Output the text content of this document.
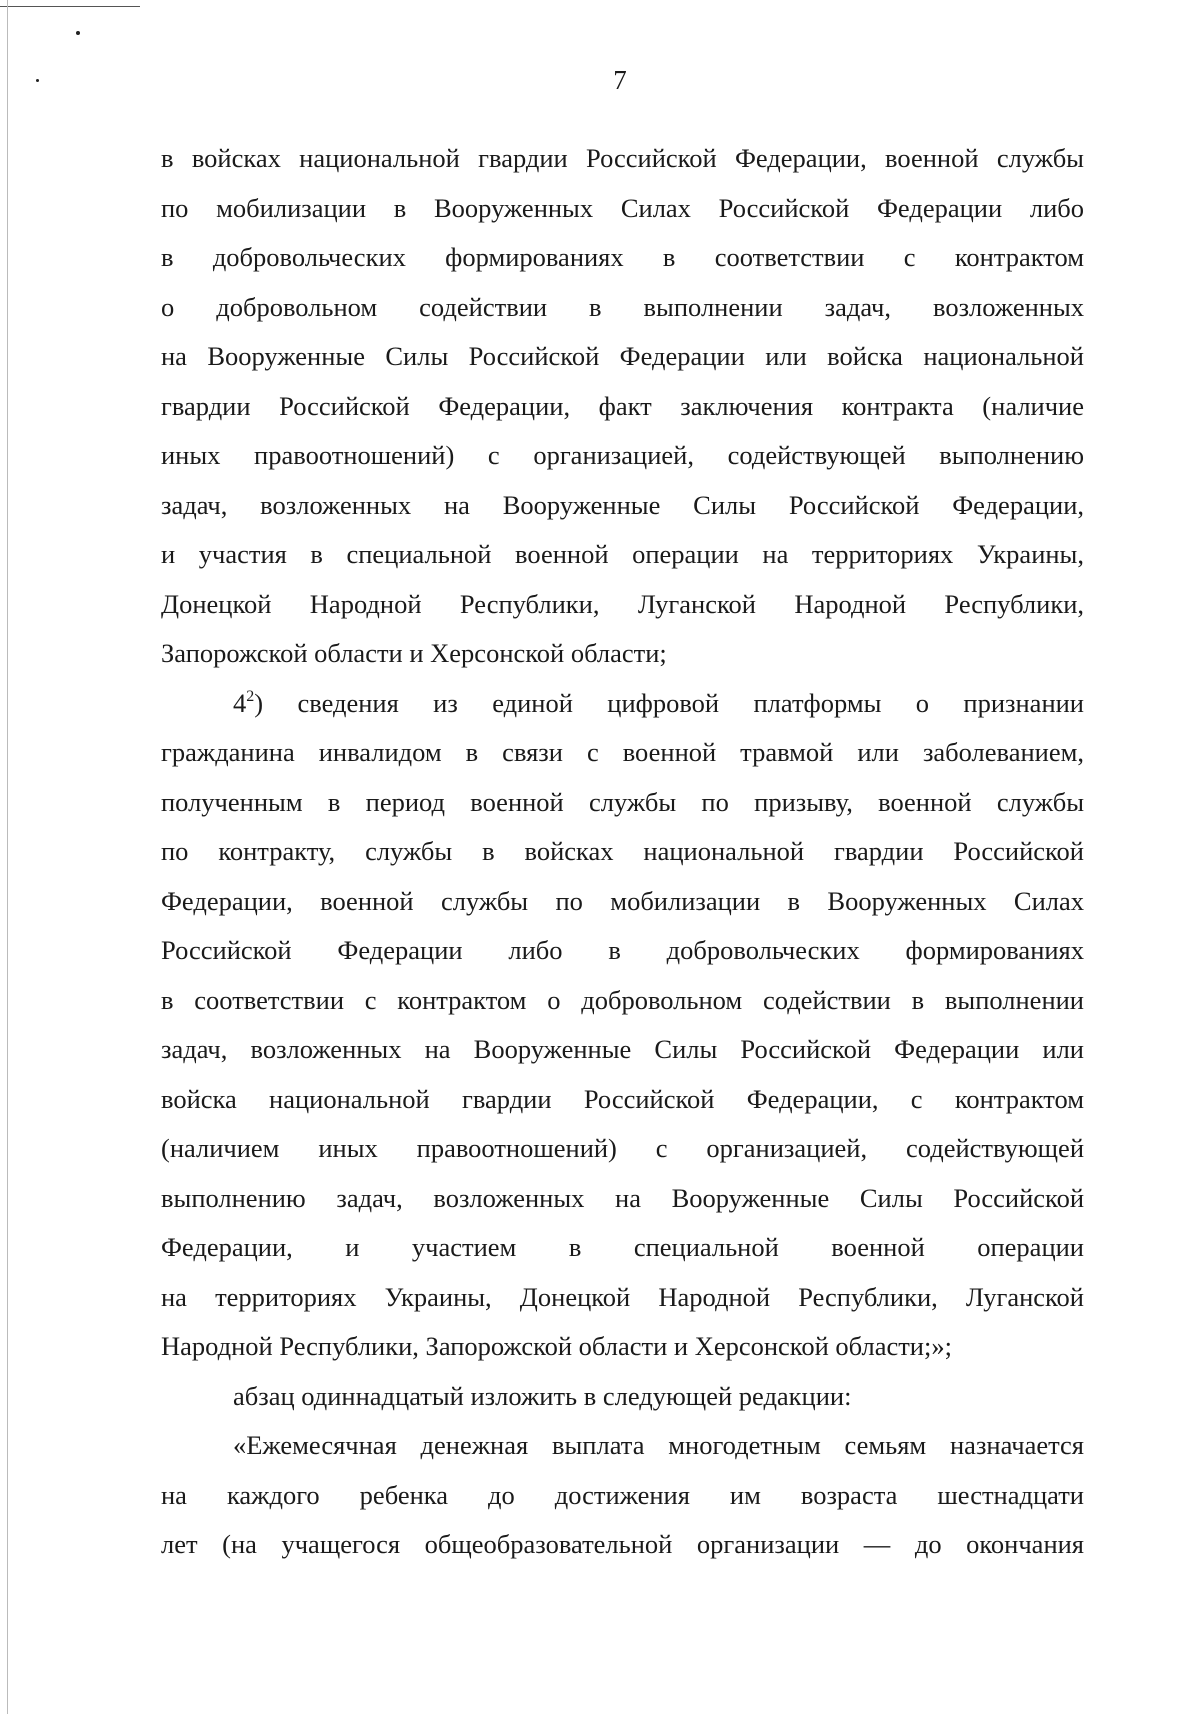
7

в войсках национальной гвардии Российской Федерации, военной службы
по мобилизации в Вооруженных Силах Российской Федерации либо
в добровольческих формированиях в соответствии с контрактом
о добровольном содействии в выполнении задач, возложенных
на Вооруженные Силы Российской Федерации или войска национальной
гвардии Российской Федерации, факт заключения контракта (наличие
иных правоотношений) с организацией, содействующей выполнению
задач, возложенных на Вооруженные Силы Российской Федерации,
и участия в специальной военной операции на территориях Украины,
Донецкой Народной Республики, Луганской Народной Республики,
Запорожской области и Херсонской области;

$4^2$) сведения из единой цифровой платформы о признании
гражданина инвалидом в связи с военной травмой или заболеванием,
полученным в период военной службы по призыву, военной службы
по контракту, службы в войсках национальной гвардии Российской
Федерации, военной службы по мобилизации в Вооруженных Силах
Российской Федерации либо в добровольческих формированиях
в соответствии с контрактом о добровольном содействии в выполнении
задач, возложенных на Вооруженные Силы Российской Федерации или
войска национальной гвардии Российской Федерации, с контрактом
(наличием иных правоотношений) с организацией, содействующей
выполнению задач, возложенных на Вооруженные Силы Российской
Федерации, и участием в специальной военной операции
на территориях Украины, Донецкой Народной Республики, Луганской
Народной Республики, Запорожской области и Херсонской области;»;

абзац одиннадцатый изложить в следующей редакции:

«Ежемесячная денежная выплата многодетным семьям назначается
на каждого ребенка до достижения им возраста шестнадцати
лет (на учащегося общеобразовательной организации — до окончания
